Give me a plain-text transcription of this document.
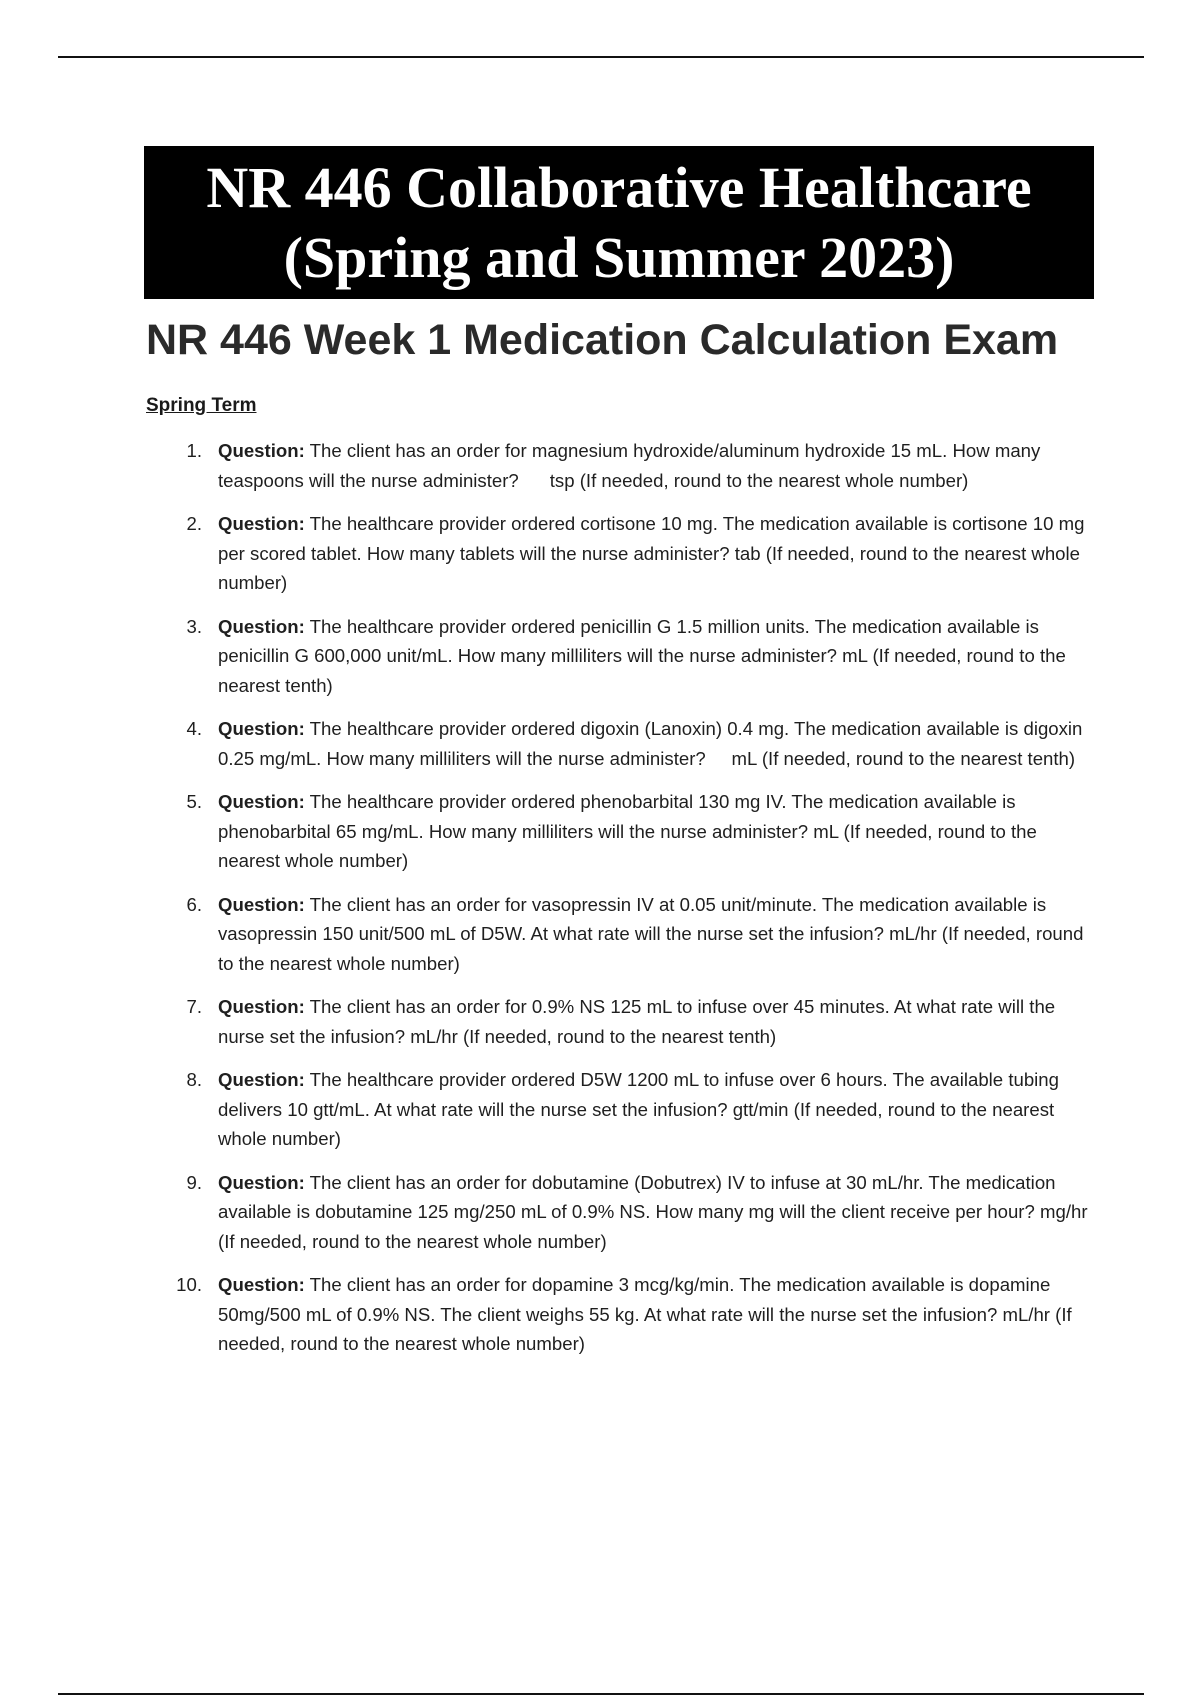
NR 446 Collaborative Healthcare
(Spring and Summer 2023)
NR 446 Week 1 Medication Calculation Exam
Spring Term
1. Question: The client has an order for magnesium hydroxide/aluminum hydroxide 15 mL. How many teaspoons will the nurse administer?      tsp (If needed, round to the nearest whole number)
2. Question: The healthcare provider ordered cortisone 10 mg. The medication available is cortisone 10 mg per scored tablet. How many tablets will the nurse administer? tab (If needed, round to the nearest whole number)
3. Question: The healthcare provider ordered penicillin G 1.5 million units. The medication available is penicillin G 600,000 unit/mL. How many milliliters will the nurse administer? mL (If needed, round to the nearest tenth)
4. Question: The healthcare provider ordered digoxin (Lanoxin) 0.4 mg. The medication available is digoxin 0.25 mg/mL. How many milliliters will the nurse administer?     mL (If needed, round to the nearest tenth)
5. Question: The healthcare provider ordered phenobarbital 130 mg IV. The medication available is phenobarbital 65 mg/mL. How many milliliters will the nurse administer? mL (If needed, round to the nearest whole number)
6. Question: The client has an order for vasopressin IV at 0.05 unit/minute. The medication available is vasopressin 150 unit/500 mL of D5W. At what rate will the nurse set the infusion? mL/hr (If needed, round to the nearest whole number)
7. Question: The client has an order for 0.9% NS 125 mL to infuse over 45 minutes. At what rate will the nurse set the infusion? mL/hr (If needed, round to the nearest tenth)
8. Question: The healthcare provider ordered D5W 1200 mL to infuse over 6 hours. The available tubing delivers 10 gtt/mL. At what rate will the nurse set the infusion? gtt/min (If needed, round to the nearest whole number)
9. Question: The client has an order for dobutamine (Dobutrex) IV to infuse at 30 mL/hr. The medication available is dobutamine 125 mg/250 mL of 0.9% NS. How many mg will the client receive per hour? mg/hr (If needed, round to the nearest whole number)
10. Question: The client has an order for dopamine 3 mcg/kg/min. The medication available is dopamine 50mg/500 mL of 0.9% NS. The client weighs 55 kg. At what rate will the nurse set the infusion? mL/hr (If needed, round to the nearest whole number)
